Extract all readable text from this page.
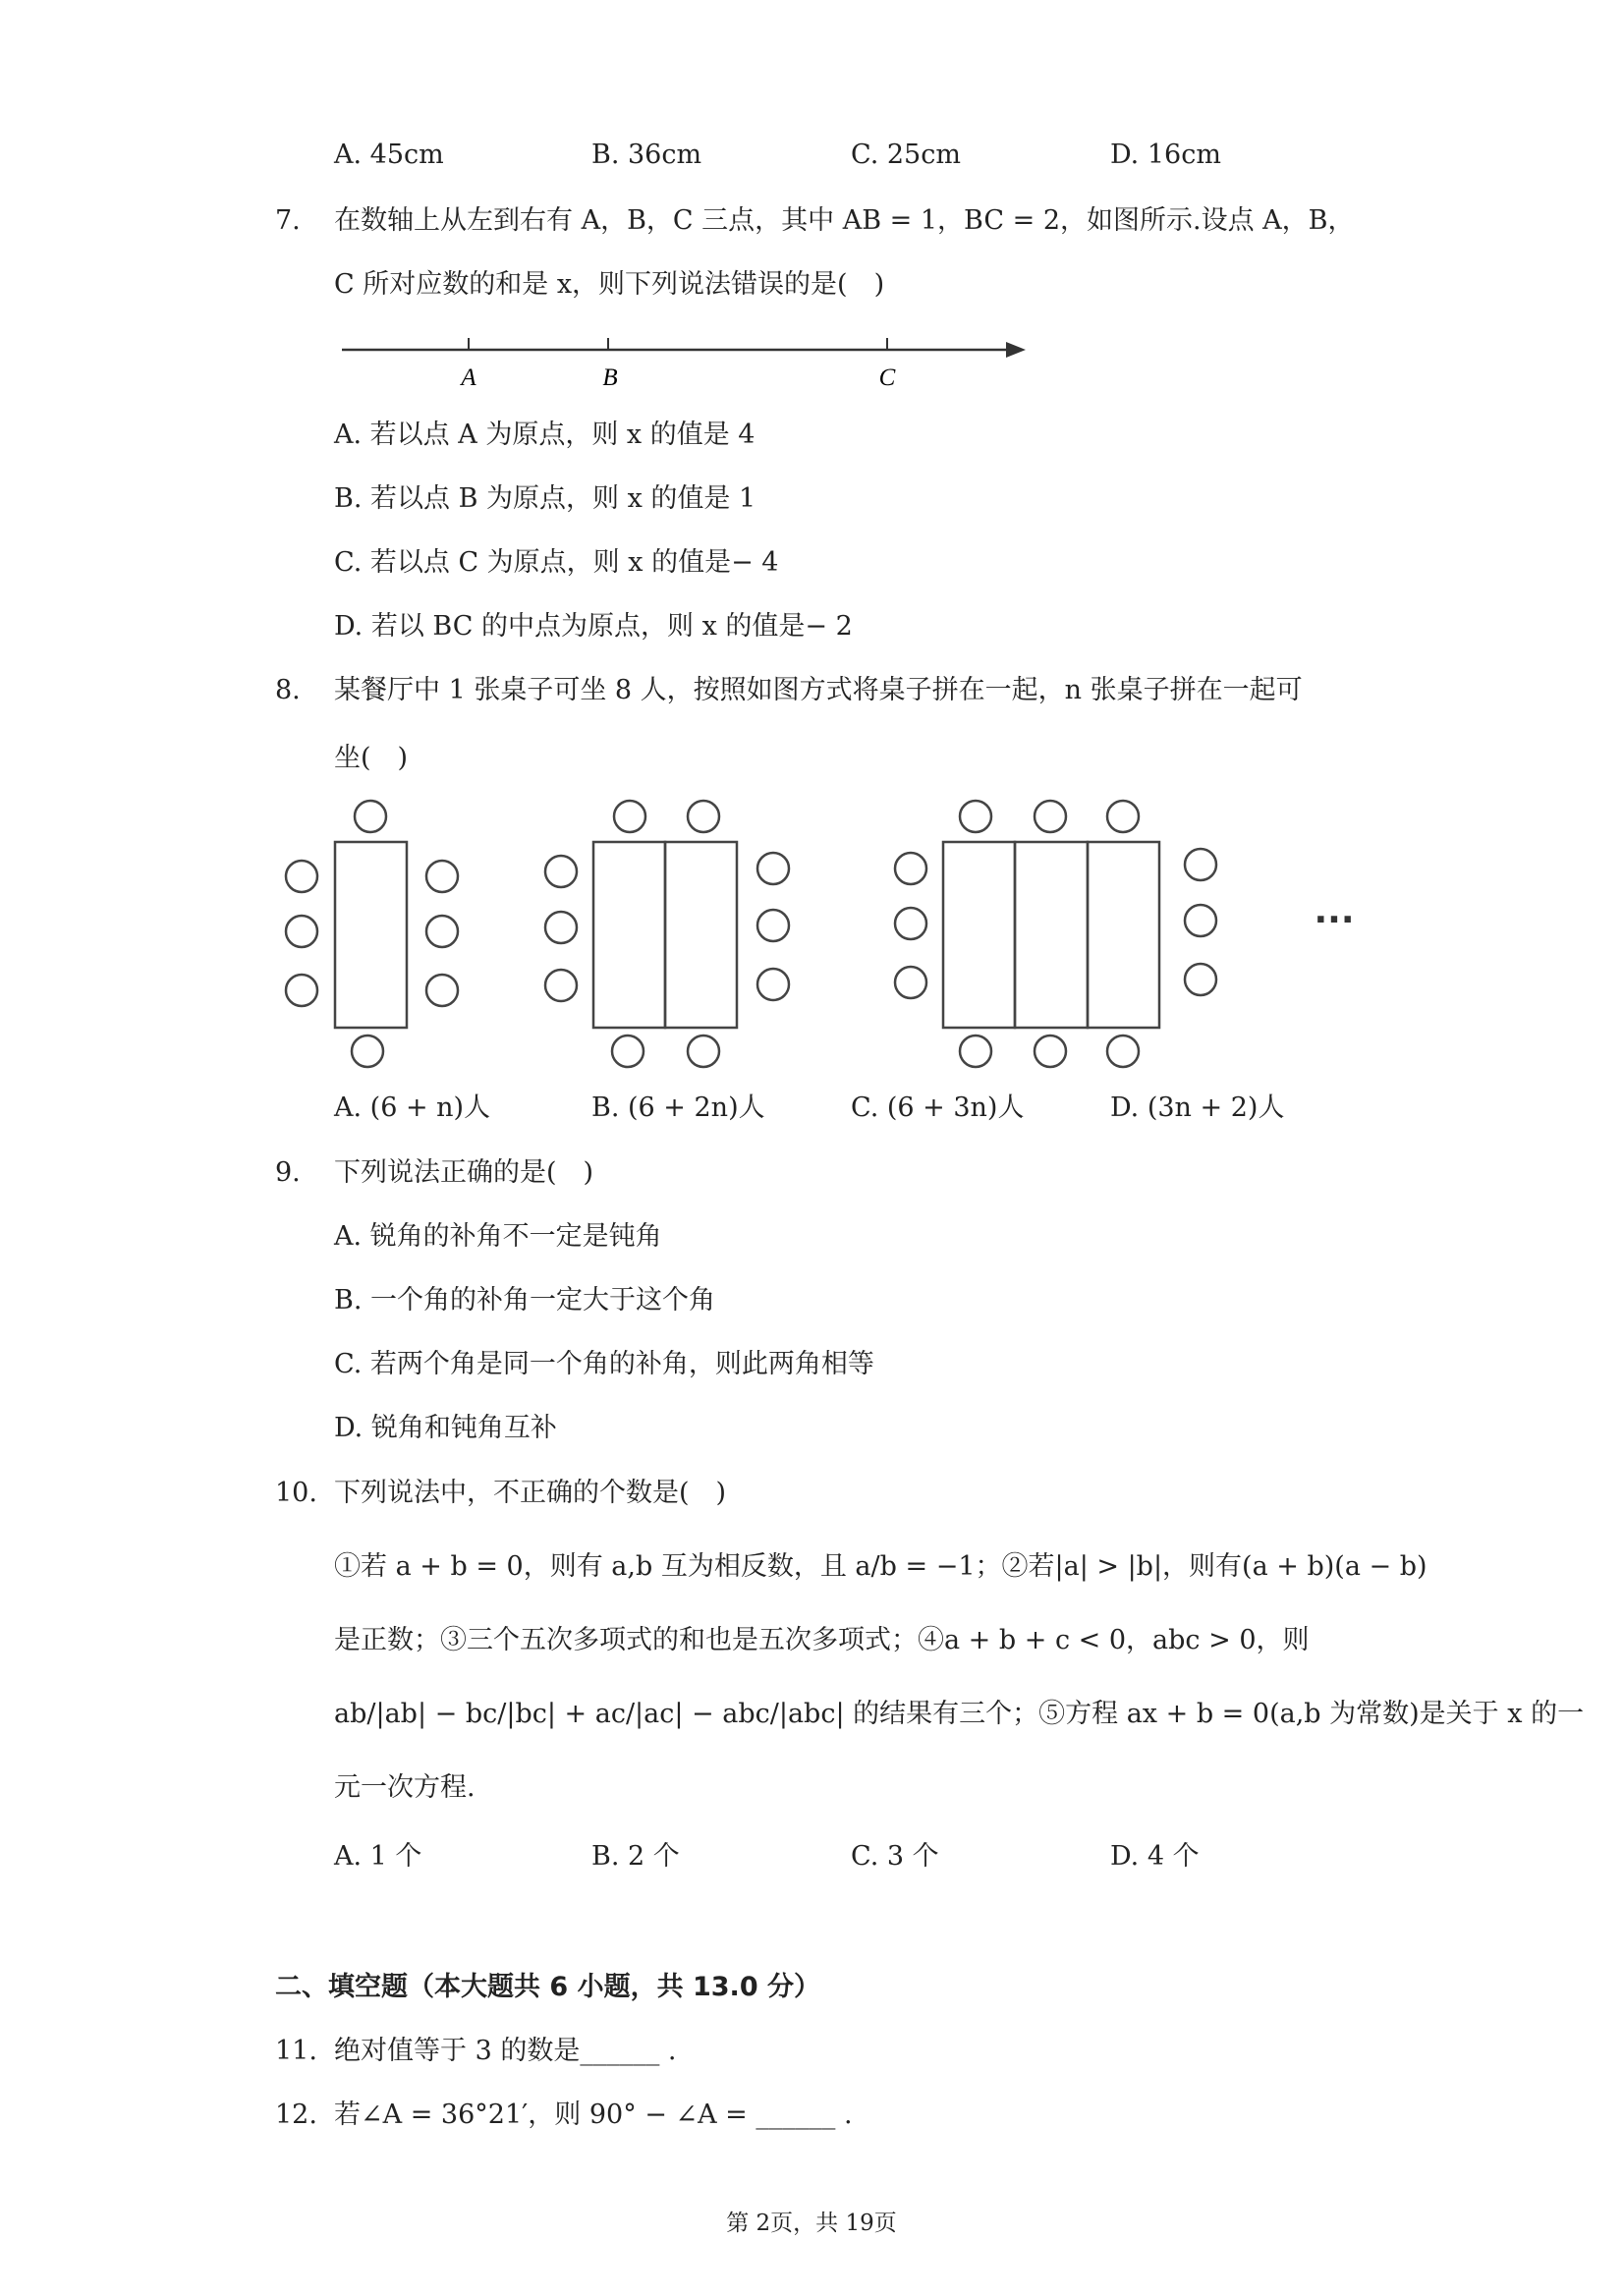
A. 45cm	B. 36cm	C. 25cm	D. 16cm
7. 在数轴上从左到右有 A，B，C 三点，其中 AB = 1，BC = 2，如图所示.设点 A，B，
C 所对应数的和是 x，则下列说法错误的是(　)
A	B	C
···
A. 若以点 A 为原点，则 x 的值是 4
B. 若以点 B 为原点，则 x 的值是 1
C. 若以点 C 为原点，则 x 的值是− 4
D. 若以 BC 的中点为原点，则 x 的值是− 2
8. 某餐厅中 1 张桌子可坐 8 人，按照如图方式将桌子拼在一起，n 张桌子拼在一起可
坐(　)
A. (6 + n)人	B. (6 + 2n)人	C. (6 + 3n)人	D. (3n + 2)人
9. 下列说法正确的是(　)
A. 锐角的补角不一定是钝角
B. 一个角的补角一定大于这个角
C. 若两个角是同一个角的补角，则此两角相等
D. 锐角和钝角互补
10. 下列说法中，不正确的个数是(　)
①若 a + b = 0，则有 a,b 互为相反数，且 a/b = −1；②若|a| > |b|，则有(a + b)(a − b)
是正数；③三个五次多项式的和也是五次多项式；④a + b + c < 0，abc > 0，则
ab/|ab| − bc/|bc| + ac/|ac| − abc/|abc| 的结果有三个；⑤方程 ax + b = 0(a,b 为常数)是关于 x 的一
元一次方程.
A. 1 个	B. 2 个	C. 3 个	D. 4 个
二、填空题（本大题共 6 小题，共 13.0 分）
11. 绝对值等于 3 的数是______ .
12. 若∠A = 36°21′，则 90° − ∠A = ______ .
第 2页，共 19页
